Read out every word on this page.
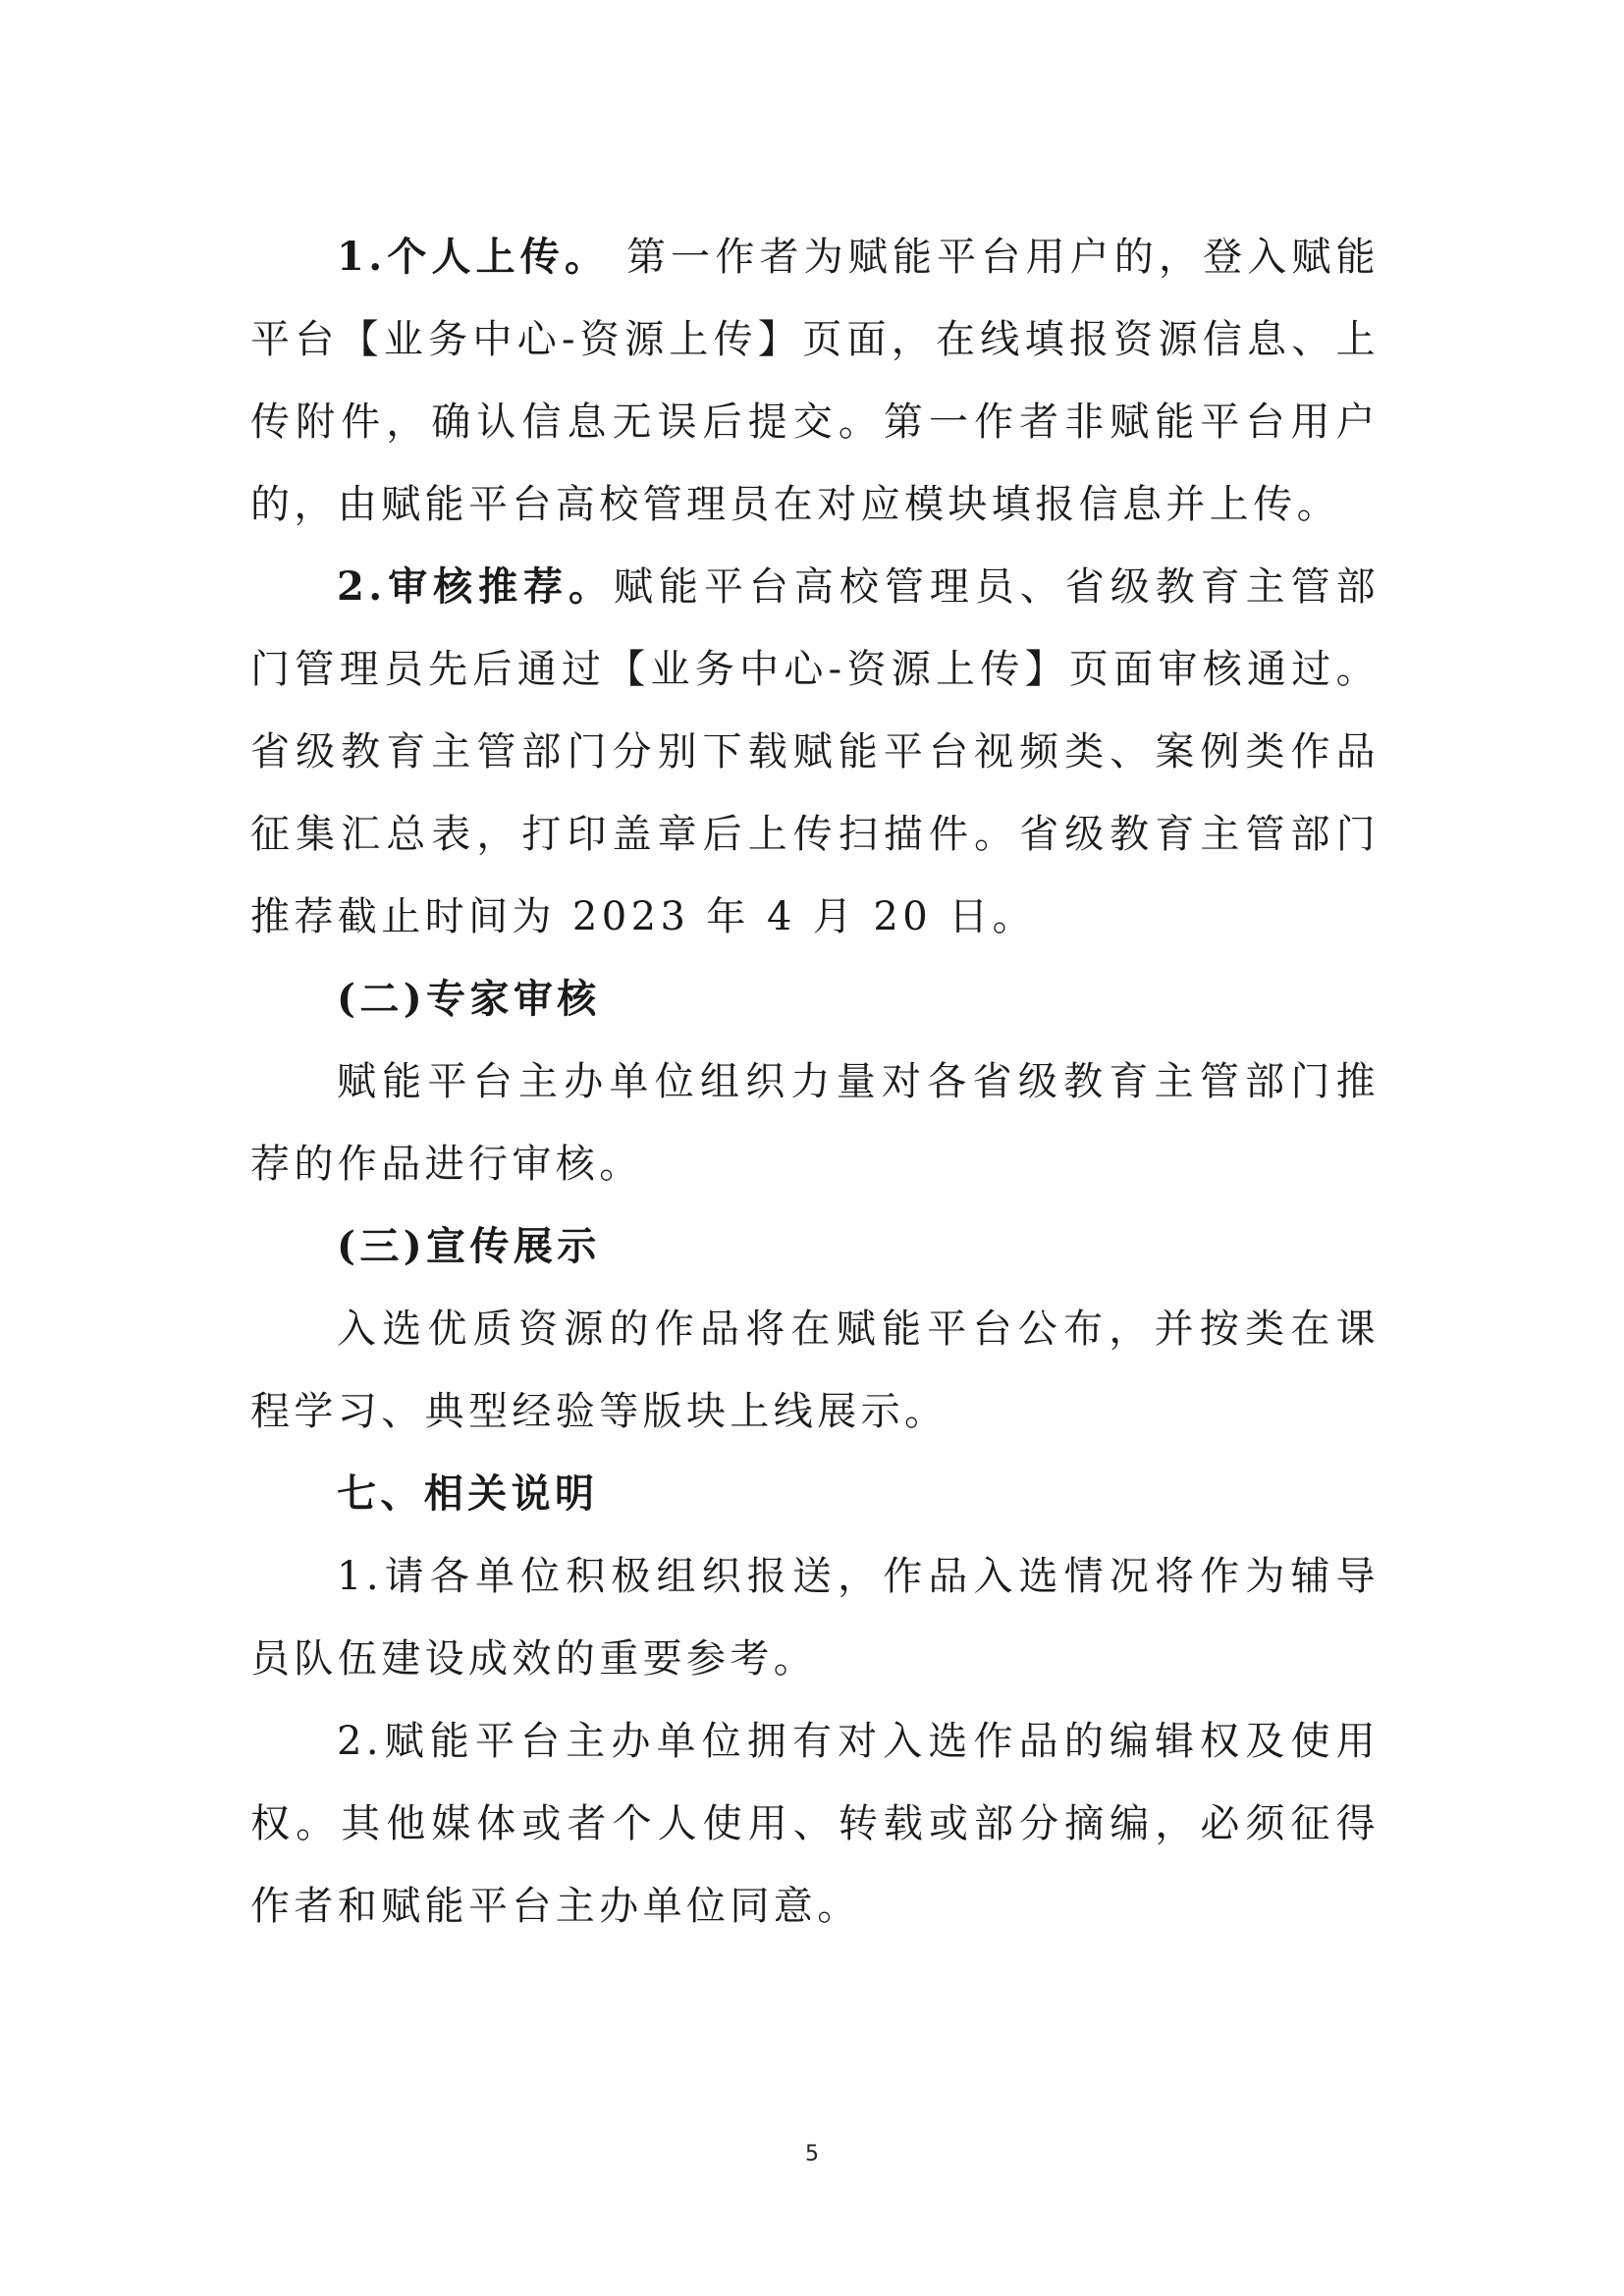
1.个人上传。 第一作者为赋能平台用户的，登入赋能平台【业务中心-资源上传】页面，在线填报资源信息、上传附件，确认信息无误后提交。第一作者非赋能平台用户的，由赋能平台高校管理员在对应模块填报信息并上传。

2.审核推荐。赋能平台高校管理员、省级教育主管部门管理员先后通过【业务中心-资源上传】页面审核通过。省级教育主管部门分别下载赋能平台视频类、案例类作品征集汇总表，打印盖章后上传扫描件。省级教育主管部门推荐截止时间为 2023 年 4 月 20 日。

(二)专家审核

赋能平台主办单位组织力量对各省级教育主管部门推荐的作品进行审核。

(三)宣传展示

入选优质资源的作品将在赋能平台公布，并按类在课程学习、典型经验等版块上线展示。

七、相关说明

1.请各单位积极组织报送，作品入选情况将作为辅导员队伍建设成效的重要参考。

2.赋能平台主办单位拥有对入选作品的编辑权及使用权。其他媒体或者个人使用、转载或部分摘编，必须征得作者和赋能平台主办单位同意。

5
